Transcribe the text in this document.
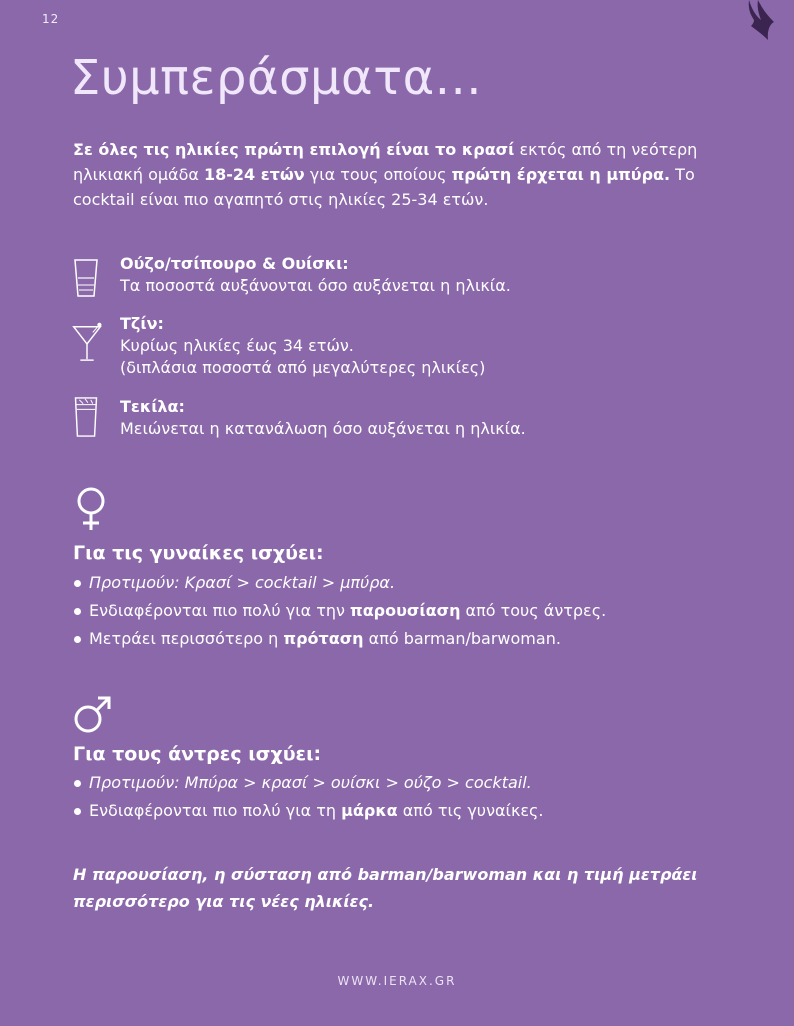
12
Συμπεράσματα...
Σε όλες τις ηλικίες πρώτη επιλογή είναι το κρασί εκτός από τη νεότερη ηλικιακή ομάδα 18-24 ετών για τους οποίους πρώτη έρχεται η μπύρα. Το cocktail είναι πιο αγαπητό στις ηλικίες 25-34 ετών.
Ούζο/τσίπουρο & Ουίσκι:
Τα ποσοστά αυξάνονται όσο αυξάνεται η ηλικία.
Τζίν:
Κυρίως ηλικίες έως 34 ετών.
(διπλάσια ποσοστά από μεγαλύτερες ηλικίες)
Τεκίλα:
Μειώνεται η κατανάλωση όσο αυξάνεται η ηλικία.
Για τις γυναίκες ισχύει:
Προτιμούν: Κρασί > cocktail > μπύρα.
Ενδιαφέρονται πιο πολύ για την παρουσίαση από τους άντρες.
Μετράει περισσότερο η πρόταση από barman/barwoman.
Για τους άντρες ισχύει:
Προτιμούν: Μπύρα > κρασί > ουίσκι > ούζο > cocktail.
Ενδιαφέρονται πιο πολύ για τη μάρκα από τις γυναίκες.
Η παρουσίαση, η σύσταση από barman/barwoman και η τιμή μετράει περισσότερο για τις νέες ηλικίες.
WWW.IERAX.GR
